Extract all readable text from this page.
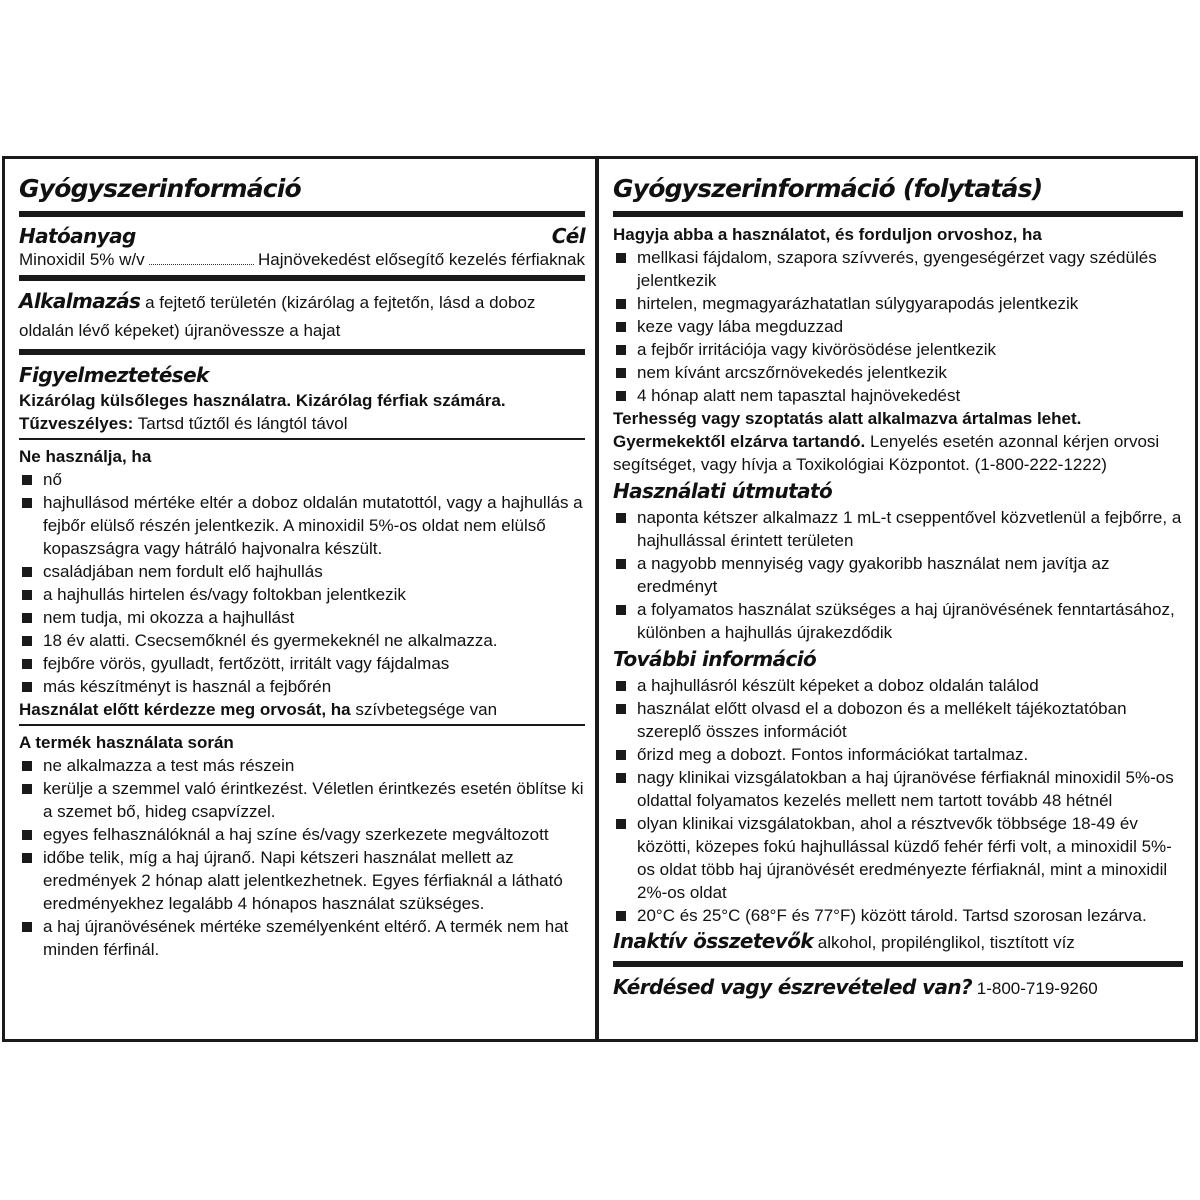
Gyógyszerinformáció
Hatóanyag	Cél
Minoxidil 5% w/v	Hajnövekedést elősegítő kezelés férfiaknak

Alkalmazás a fejtető területén (kizárólag a fejtetőn, lásd a doboz oldalán lévő képeket) újranövessze a hajat

Figyelmeztetések

Kizárólag külsőleges használatra. Kizárólag férfiak számára.

Tűzveszélyes: Tartsd tűztől és lángtól távol

Ne használja, ha
nő
hajhullásod mértéke eltér a doboz oldalán mutatottól, vagy a hajhullás a fejbőr elülső részén jelentkezik. A minoxidil 5%-os oldat nem elülső kopaszságra vagy hátráló hajvonalra készült.
családjában nem fordult elő hajhullás
a hajhullás hirtelen és/vagy foltokban jelentkezik
nem tudja, mi okozza a hajhullást
18 év alatti. Csecsemőknél és gyermekeknél ne alkalmazza.
fejbőre vörös, gyulladt, fertőzött, irritált vagy fájdalmas
más készítményt is használ a fejbőrén

Használat előtt kérdezze meg orvosát, ha szívbetegsége van

A termék használata során
ne alkalmazza a test más részein
kerülje a szemmel való érintkezést. Véletlen érintkezés esetén öblítse ki a szemet bő, hideg csapvízzel.
egyes felhasználóknál a haj színe és/vagy szerkezete megváltozott
időbe telik, míg a haj újranő. Napi kétszeri használat mellett az eredmények 2 hónap alatt jelentkezhetnek. Egyes férfiaknál a látható eredményekhez legalább 4 hónapos használat szükséges.
a haj újranövésének mértéke személyenként eltérő. A termék nem hat minden férfinál.
Gyógyszerinformáció (folytatás)
Hagyja abba a használatot, és forduljon orvoshoz, ha
mellkasi fájdalom, szapora szívverés, gyengeségérzet vagy szédülés jelentkezik
hirtelen, megmagyarázhatatlan súlygyarapodás jelentkezik
keze vagy lába megduzzad
a fejbőr irritációja vagy kivörösödése jelentkezik
nem kívánt arcszőrnövekedés jelentkezik
4 hónap alatt nem tapasztal hajnövekedést

Terhesség vagy szoptatás alatt alkalmazva ártalmas lehet.

Gyermekektől elzárva tartandó. Lenyelés esetén azonnal kérjen orvosi segítséget, vagy hívja a Toxikológiai Központot. (1-800-222-1222)

Használati útmutató
naponta kétszer alkalmazz 1 mL-t cseppentővel közvetlenül a fejbőrre, a hajhullással érintett területen
a nagyobb mennyiség vagy gyakoribb használat nem javítja az eredményt
a folyamatos használat szükséges a haj újranövésének fenntartásához, különben a hajhullás újrakezdődik
További információ
a hajhullásról készült képeket a doboz oldalán találod
használat előtt olvasd el a dobozon és a mellékelt tájékoztatóban szereplő összes információt
őrizd meg a dobozt. Fontos információkat tartalmaz.
nagy klinikai vizsgálatokban a haj újranövése férfiaknál minoxidil 5%-os oldattal folyamatos kezelés mellett nem tartott tovább 48 hétnél
olyan klinikai vizsgálatokban, ahol a résztvevők többsége 18-49 év közötti, közepes fokú hajhullással küzdő fehér férfi volt, a minoxidil 5%-os oldat több haj újranövését eredményezte férfiaknál, mint a minoxidil 2%-os oldat
20°C és 25°C (68°F és 77°F) között tárold. Tartsd szorosan lezárva.

Inaktív összetevők alkohol, propilénglikol, tisztított víz

Kérdésed vagy észrevételed van? 1-800-719-9260
